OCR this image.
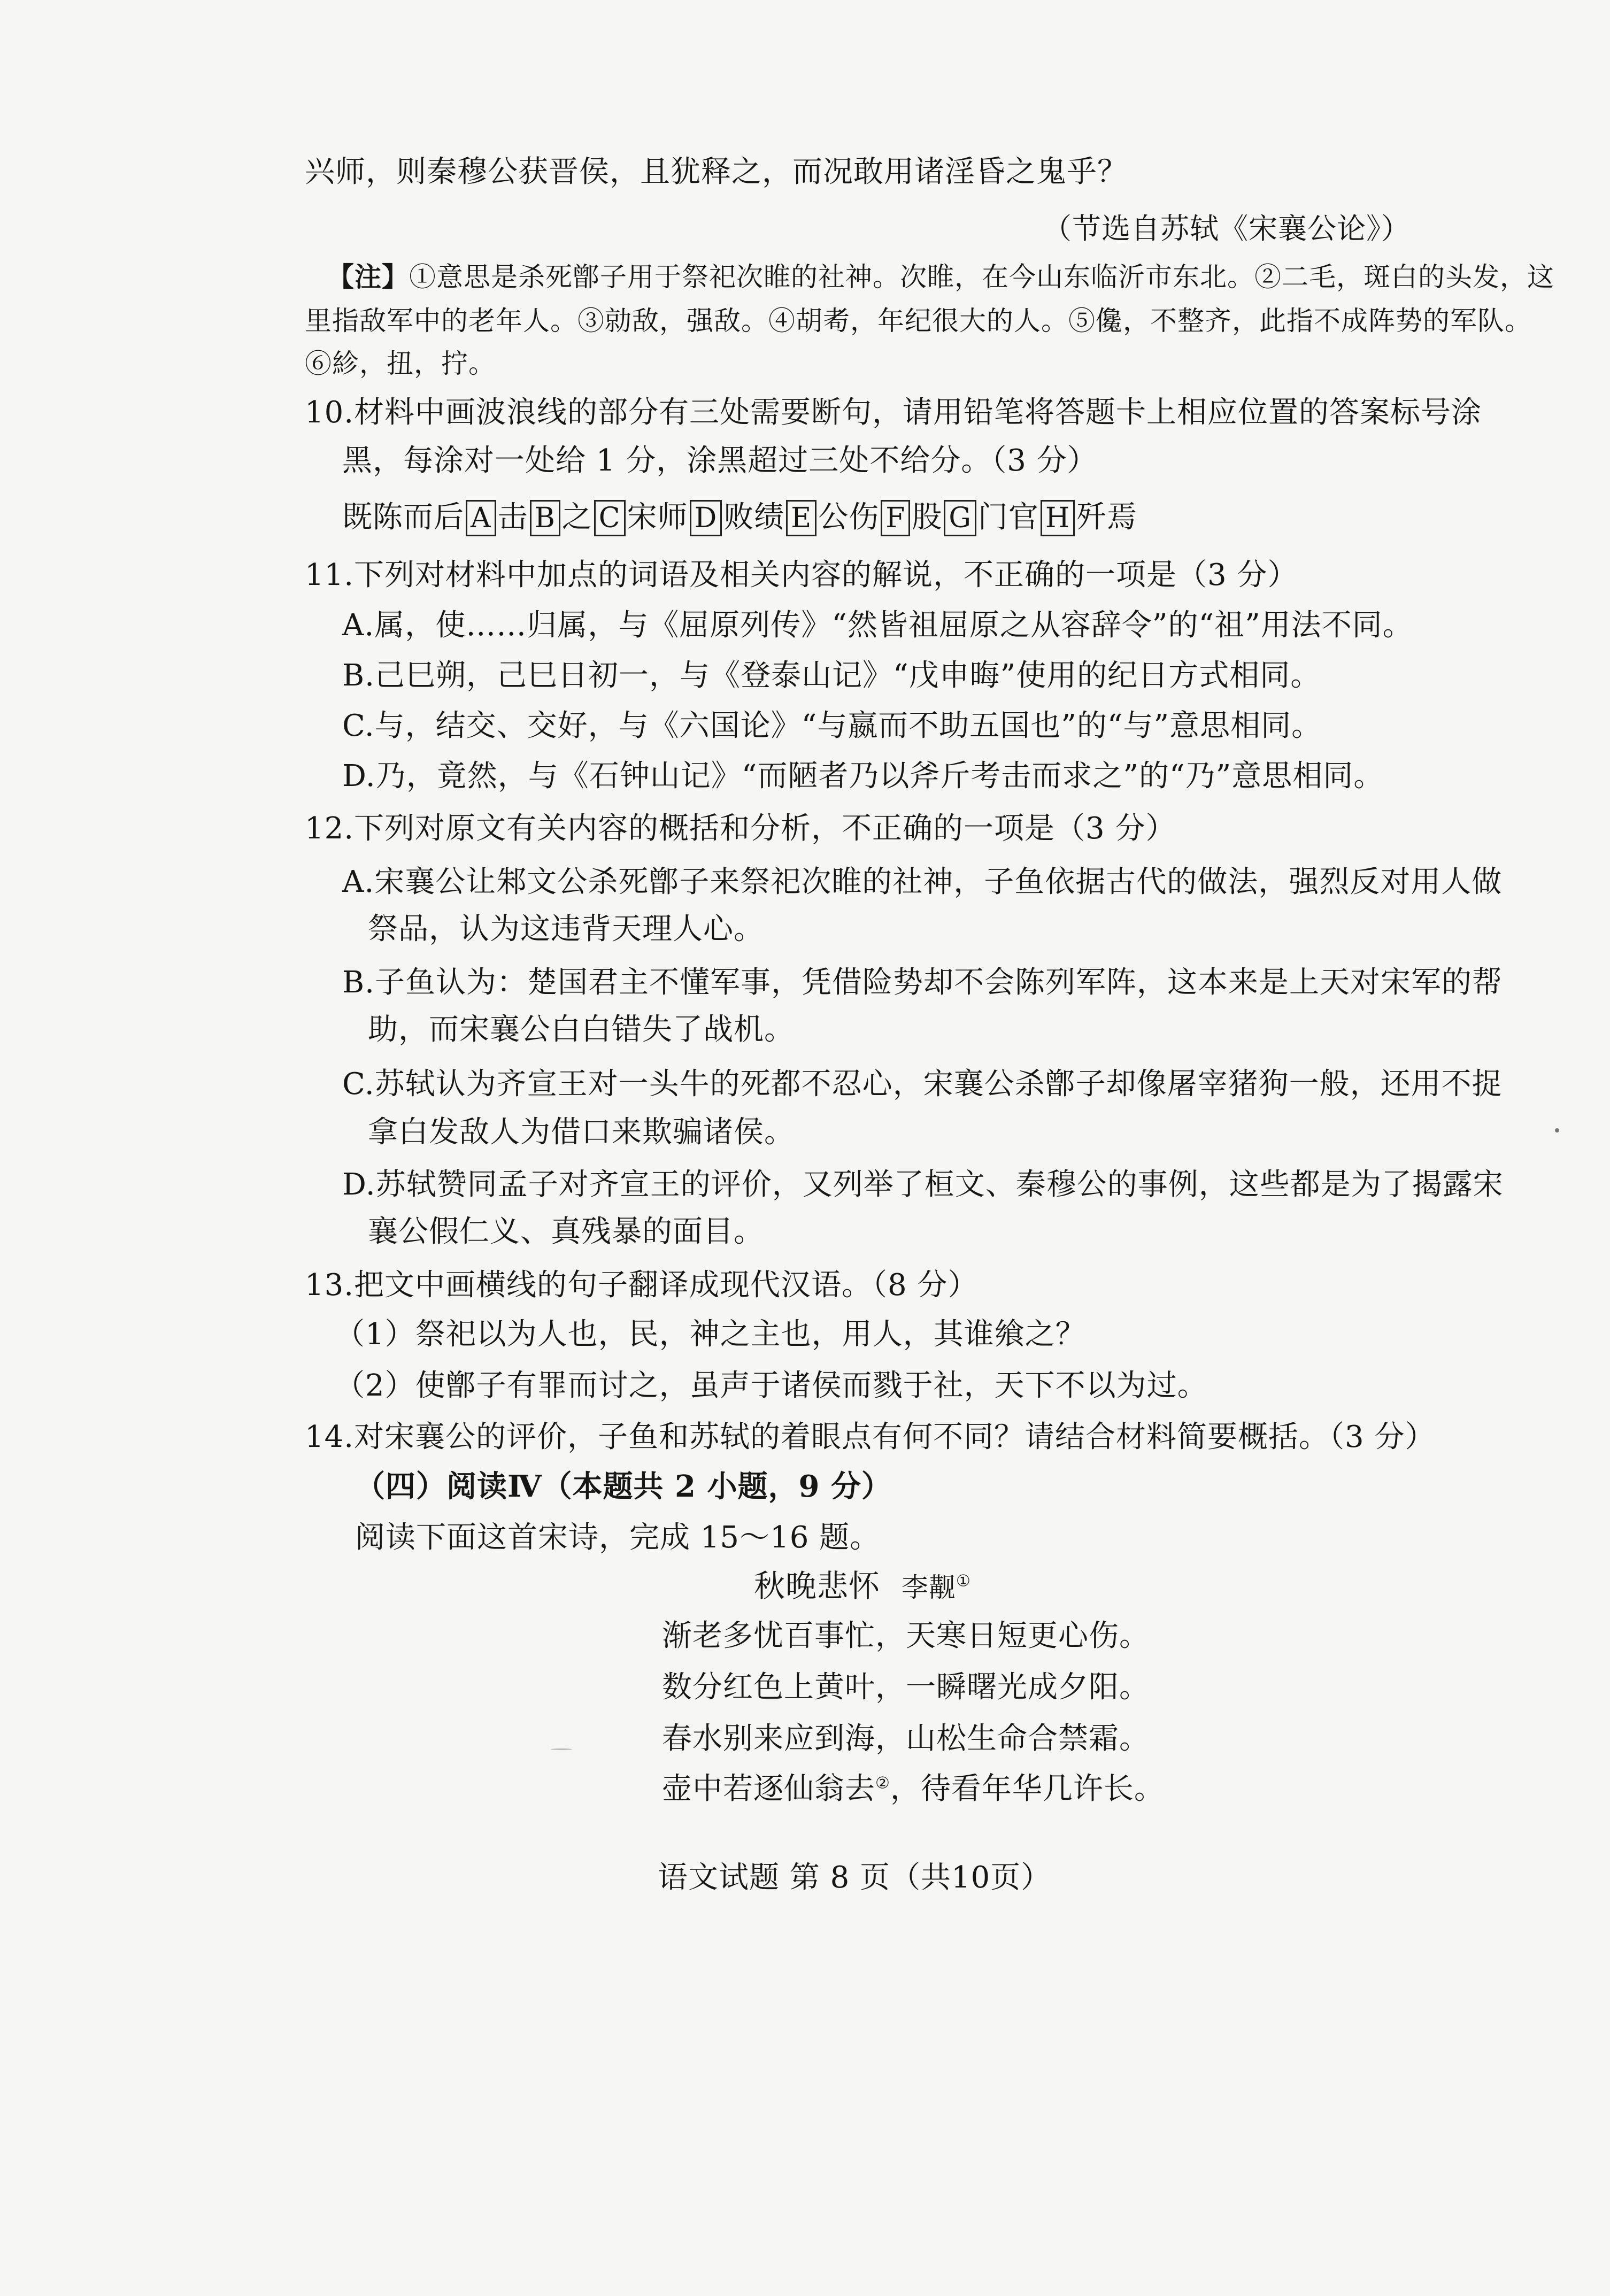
兴师，则秦穆公获晋侯，且犹释之，而况敢用诸淫昏之鬼乎？

（节选自苏轼《宋襄公论》）

【注】①意思是杀死鄫子用于祭祀次睢的社神。次睢，在今山东临沂市东北。②二毛，斑白的头发，这

里指敌军中的老年人。③勍敌，强敌。④胡耇，年纪很大的人。⑤儳，不整齐，此指不成阵势的军队。

⑥紾，扭，拧。

10.材料中画波浪线的部分有三处需要断句，请用铅笔将答题卡上相应位置的答案标号涂

黑，每涂对一处给 1 分，涂黑超过三处不给分。（3 分）

既陈而后 A 击 B 之 C 宋师 D 败绩 E 公伤 F 股 G 门官 H 歼焉

11.下列对材料中加点的词语及相关内容的解说，不正确的一项是（3 分）

A.属，使……归属，与《屈原列传》“然皆祖屈原之从容辞令”的“祖”用法不同。

B.己巳朔，己巳日初一，与《登泰山记》“戊申晦”使用的纪日方式相同。

C.与，结交、交好，与《六国论》“与嬴而不助五国也”的“与”意思相同。

D.乃，竟然，与《石钟山记》“而陋者乃以斧斤考击而求之”的“乃”意思相同。

12.下列对原文有关内容的概括和分析，不正确的一项是（3 分）

A.宋襄公让邾文公杀死鄫子来祭祀次睢的社神，子鱼依据古代的做法，强烈反对用人做

祭品，认为这违背天理人心。

B.子鱼认为：楚国君主不懂军事，凭借险势却不会陈列军阵，这本来是上天对宋军的帮

助，而宋襄公白白错失了战机。

C.苏轼认为齐宣王对一头牛的死都不忍心，宋襄公杀鄫子却像屠宰猪狗一般，还用不捉

拿白发敌人为借口来欺骗诸侯。

D.苏轼赞同孟子对齐宣王的评价，又列举了桓文、秦穆公的事例，这些都是为了揭露宋

襄公假仁义、真残暴的面目。

13.把文中画横线的句子翻译成现代汉语。（8 分）

（1）祭祀以为人也，民，神之主也，用人，其谁飨之？

（2）使鄫子有罪而讨之，虽声于诸侯而戮于社，天下不以为过。

14.对宋襄公的评价，子鱼和苏轼的着眼点有何不同？请结合材料简要概括。（3 分）

（四）阅读Ⅳ（本题共 2 小题，9 分）

阅读下面这首宋诗，完成 15～16 题。

秋晚悲怀 李觏①

渐老多忧百事忙，天寒日短更心伤。

数分红色上黄叶，一瞬曙光成夕阳。

春水别来应到海，山松生命合禁霜。

壶中若逐仙翁去②，待看年华几许长。

语文试题 第 8 页（共10页）
